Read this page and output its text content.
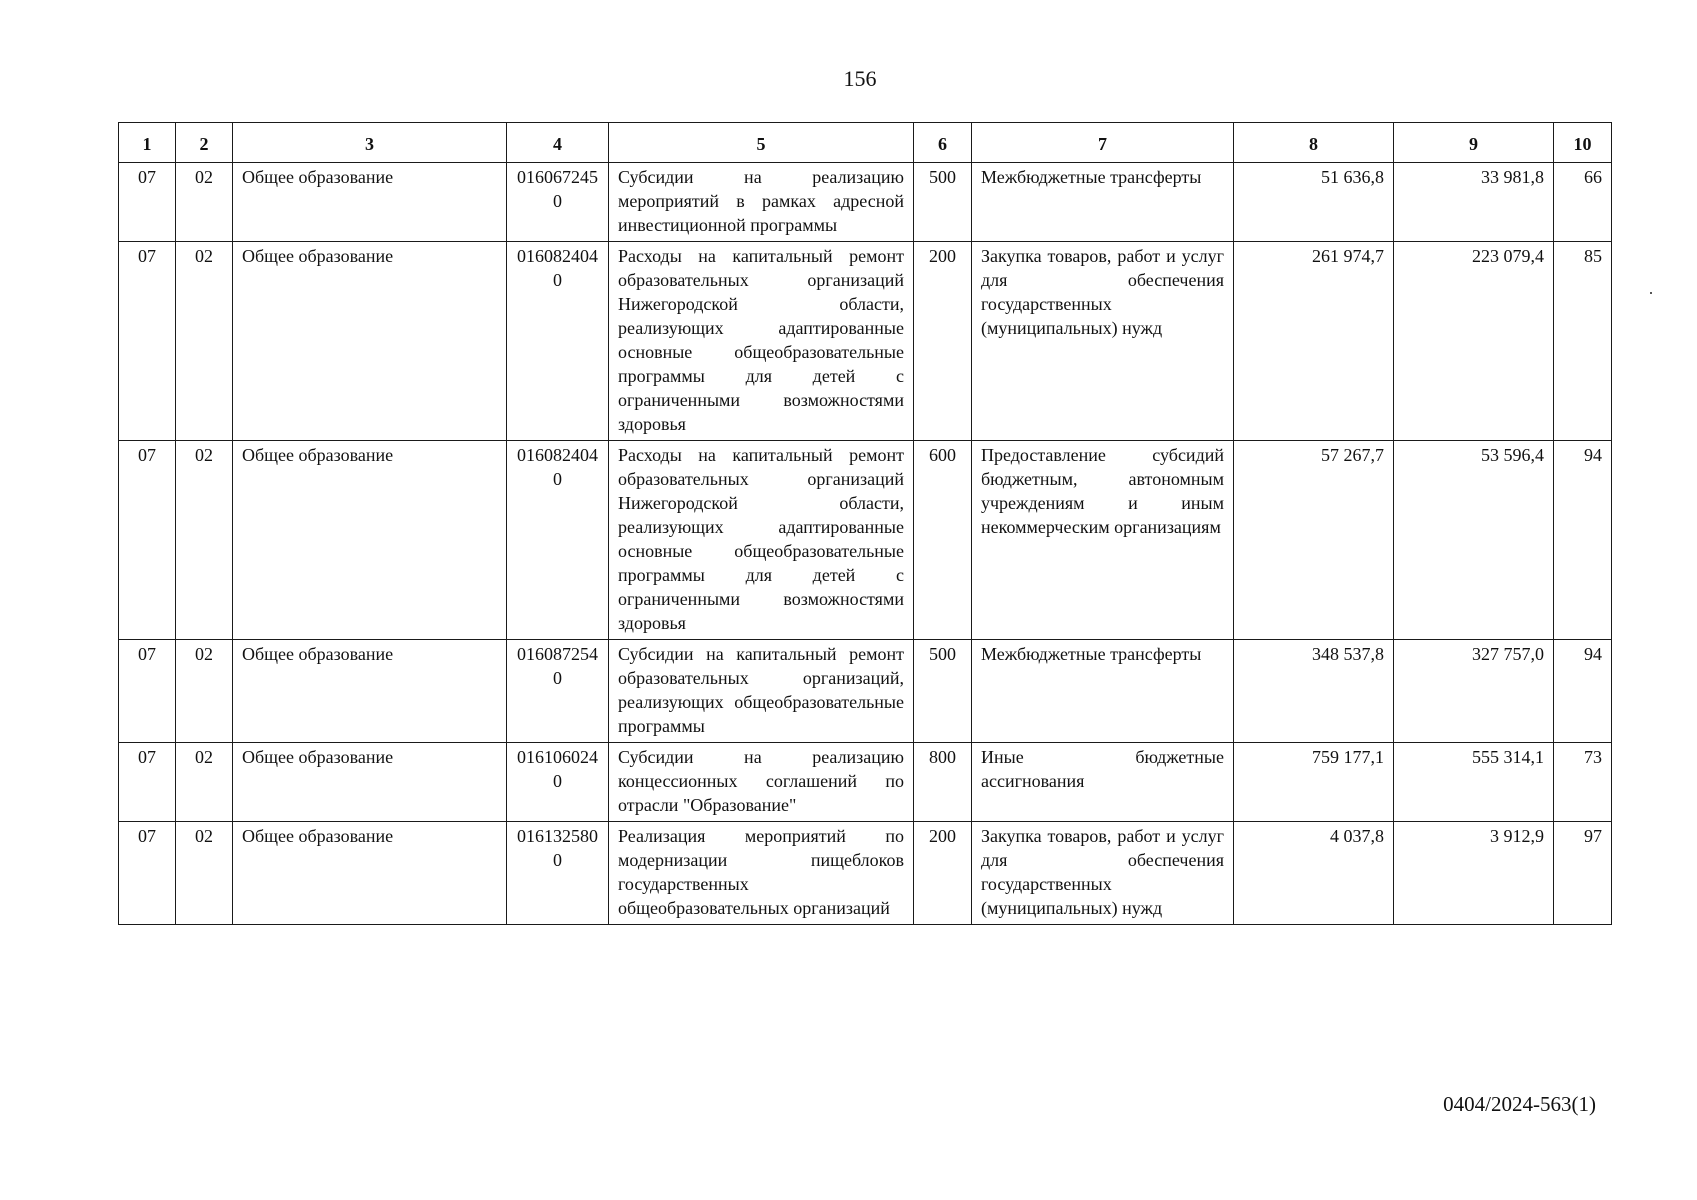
156
1	2	3	4	5	6	7	8	9	10
07	02	Общее образование	0160672450	Субсидии на реализацию мероприятий в рамках адресной инвестиционной программы	500	Межбюджетные трансферты	51 636,8	33 981,8	66
07	02	Общее образование	0160824040	Расходы на капитальный ремонт образовательных организаций Нижегородской области, реализующих адаптированные основные общеобразовательные программы для детей с ограниченными возможностями здоровья	200	Закупка товаров, работ и услуг для обеспечения государственных (муниципальных) нужд	261 974,7	223 079,4	85
07	02	Общее образование	0160824040	Расходы на капитальный ремонт образовательных организаций Нижегородской области, реализующих адаптированные основные общеобразовательные программы для детей с ограниченными возможностями здоровья	600	Предоставление субсидий бюджетным, автономным учреждениям и иным некоммерческим организациям	57 267,7	53 596,4	94
07	02	Общее образование	0160872540	Субсидии на капитальный ремонт образовательных организаций, реализующих общеобразовательные программы	500	Межбюджетные трансферты	348 537,8	327 757,0	94
07	02	Общее образование	0161060240	Субсидии на реализацию концессионных соглашений по отрасли "Образование"	800	Иные бюджетные ассигнования	759 177,1	555 314,1	73
07	02	Общее образование	0161325800	Реализация мероприятий по модернизации пищеблоков государственных общеобразовательных организаций	200	Закупка товаров, работ и услуг для обеспечения государственных (муниципальных) нужд	4 037,8	3 912,9	97
0404/2024-563(1)
